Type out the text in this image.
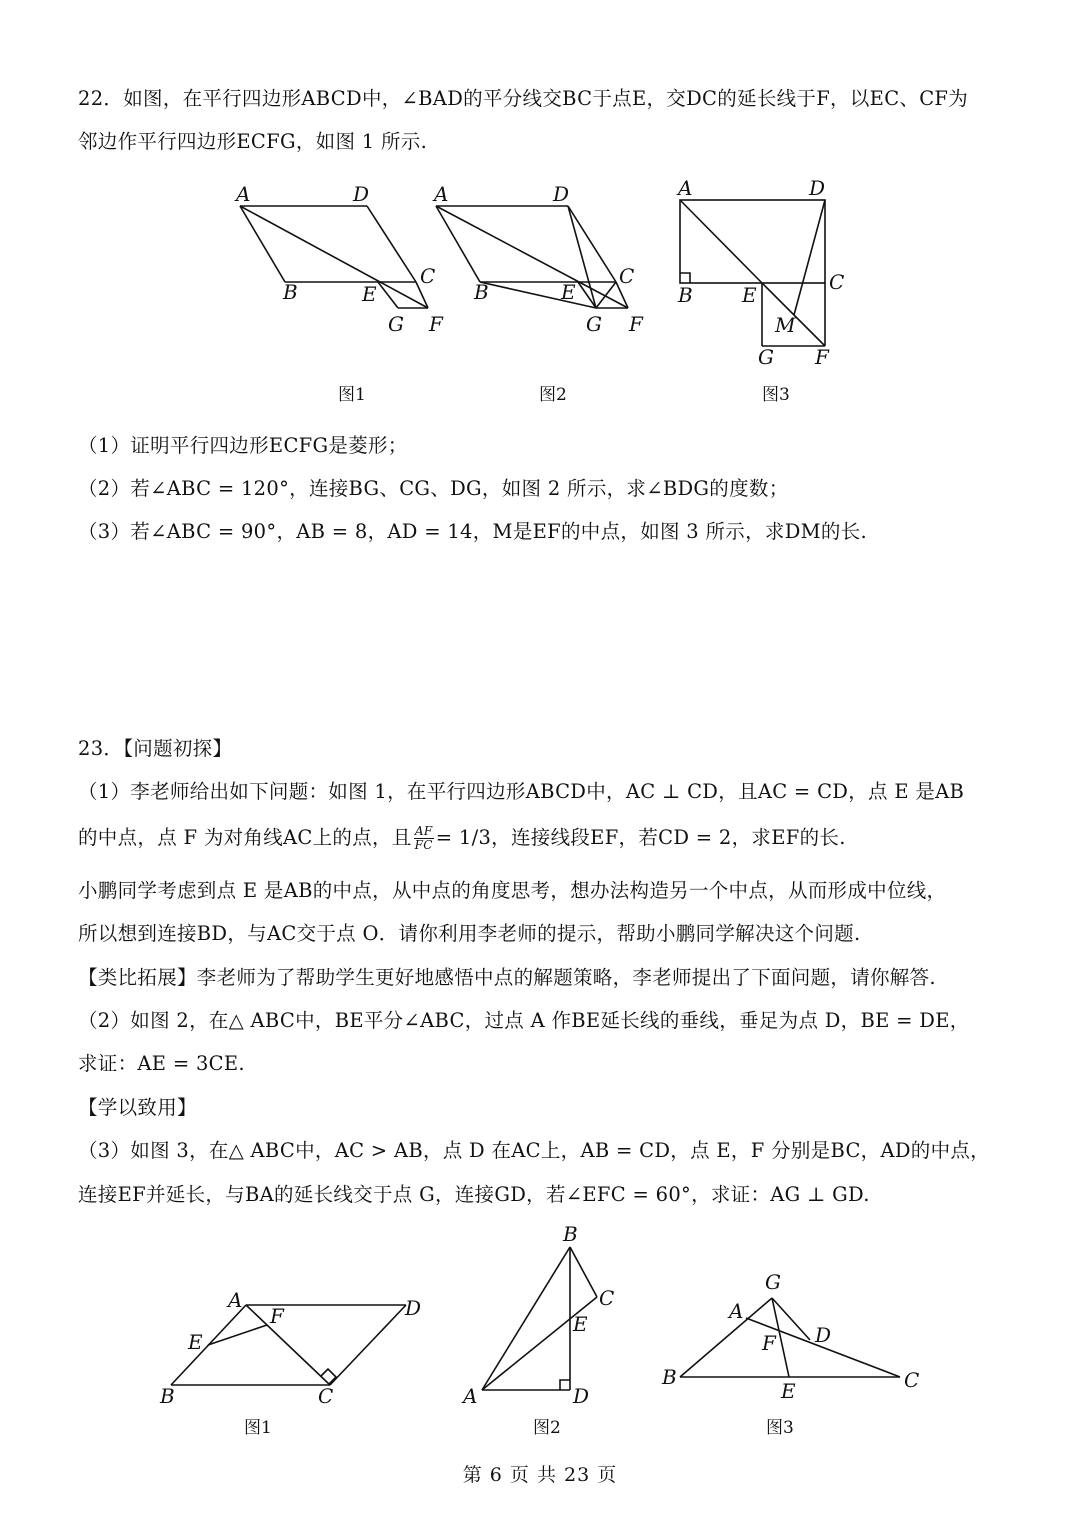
22．如图，在平行四边形ABCD中，∠BAD的平分线交BC于点E，交DC的延长线于F，以EC、CF为
邻边作平行四边形ECFG，如图 1 所示.
A	D
B	E
C
G F
图1
A	D
B	E
C
G F
图2
A	D
B E
C
M
G F
图3
（1）证明平行四边形ECFG是菱形；
（2）若∠ABC = 120°，连接BG、CG、DG，如图 2 所示，求∠BDG的度数；
（3）若∠ABC = 90°，AB = 8，AD = 14，M是EF的中点，如图 3 所示，求DM的长.
23．【问题初探】
（1）李老师给出如下问题：如图 1，在平行四边形ABCD中，AC ⊥ CD，且AC = CD，点 E 是AB
的中点，点 F 为对角线AC上的点，且 $\frac{AF}{FC} = 1/3$，连接线段EF，若CD = 2，求EF的长.
小鹏同学考虑到点 E 是AB的中点，从中点的角度思考，想办法构造另一个中点，从而形成中位线，
所以想到连接BD，与AC交于点 O．请你利用李老师的提示，帮助小鹏同学解决这个问题.
【类比拓展】李老师为了帮助学生更好地感悟中点的解题策略，李老师提出了下面问题，请你解答.
（2）如图 2，在△ ABC中，BE平分∠ABC，过点 A 作BE延长线的垂线，垂足为点 D，BE = DE，
求证：AE = 3CE.
【学以致用】
（3）如图 3，在△ ABC中，AC > AB，点 D 在AC上，AB = CD，点 E，F 分别是BC，AD的中点，
连接EF并延长，与BA的延长线交于点 G，连接GD，若∠EFC = 60°，求证：AG ⊥ GD.
A
F	D
E
B	C
图1
B
C
E
A	D
图2
G
A
D
F
B
E	C
图3
第 6 页 共 23 页
